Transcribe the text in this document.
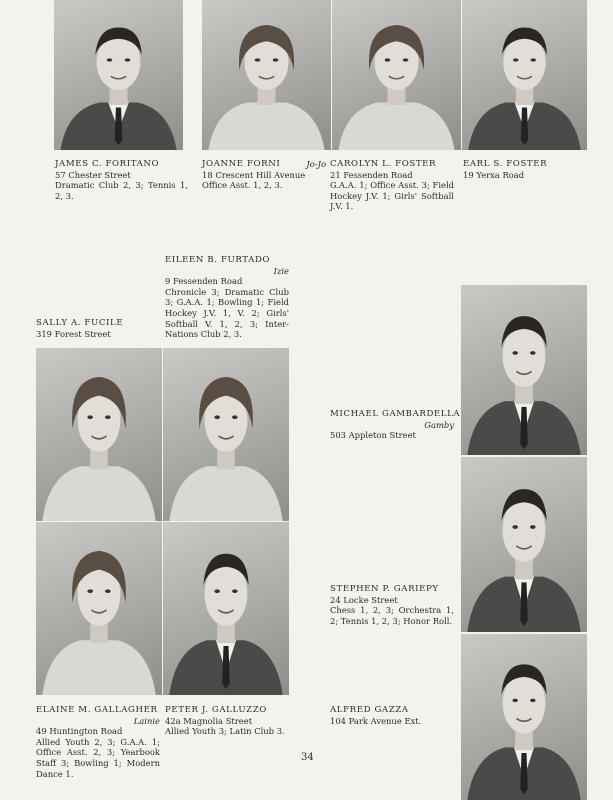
JAMES C. FORITANO
57 Chester Street
Dramatic Club 2, 3; Tennis 1, 2, 3.
Jo-Jo
JOANNE FORNI
18 Crescent Hill Avenue
Office Asst. 1, 2, 3.
CAROLYN L. FOSTER
21 Fessenden Road
G.A.A. 1; Office Asst. 3; Field Hockey J.V. 1; Girls' Softball J.V. 1.
EARL S. FOSTER
19 Yerxa Road
EILEEN B. FURTADO
Izie
9 Fessenden Road
Chronicle 3; Dramatic Club 3; G.A.A. 1; Bowling 1; Field Hockey J.V. 1, V. 2; Girls' Softball V. 1, 2, 3; Inter-Nations Club 2, 3.
SALLY A. FUCILE
319 Forest Street
MICHAEL GAMBARDELLA
Gamby
503 Appleton Street
STEPHEN P. GARIEPY
24 Locke Street
Chess 1, 2, 3; Orchestra 1, 2; Tennis 1, 2, 3; Honor Roll.
ELAINE M. GALLAGHER
Lainie
49 Huntington Road
Allied Youth 2, 3; G.A.A. 1; Office Asst. 2, 3; Yearbook Staff 3; Bowling 1; Modern Dance 1.
PETER J. GALLUZZO
42a Magnolia Street
Allied Youth 3; Latin Club 3.
ALFRED GAZZA
104 Park Avenue Ext.
34
